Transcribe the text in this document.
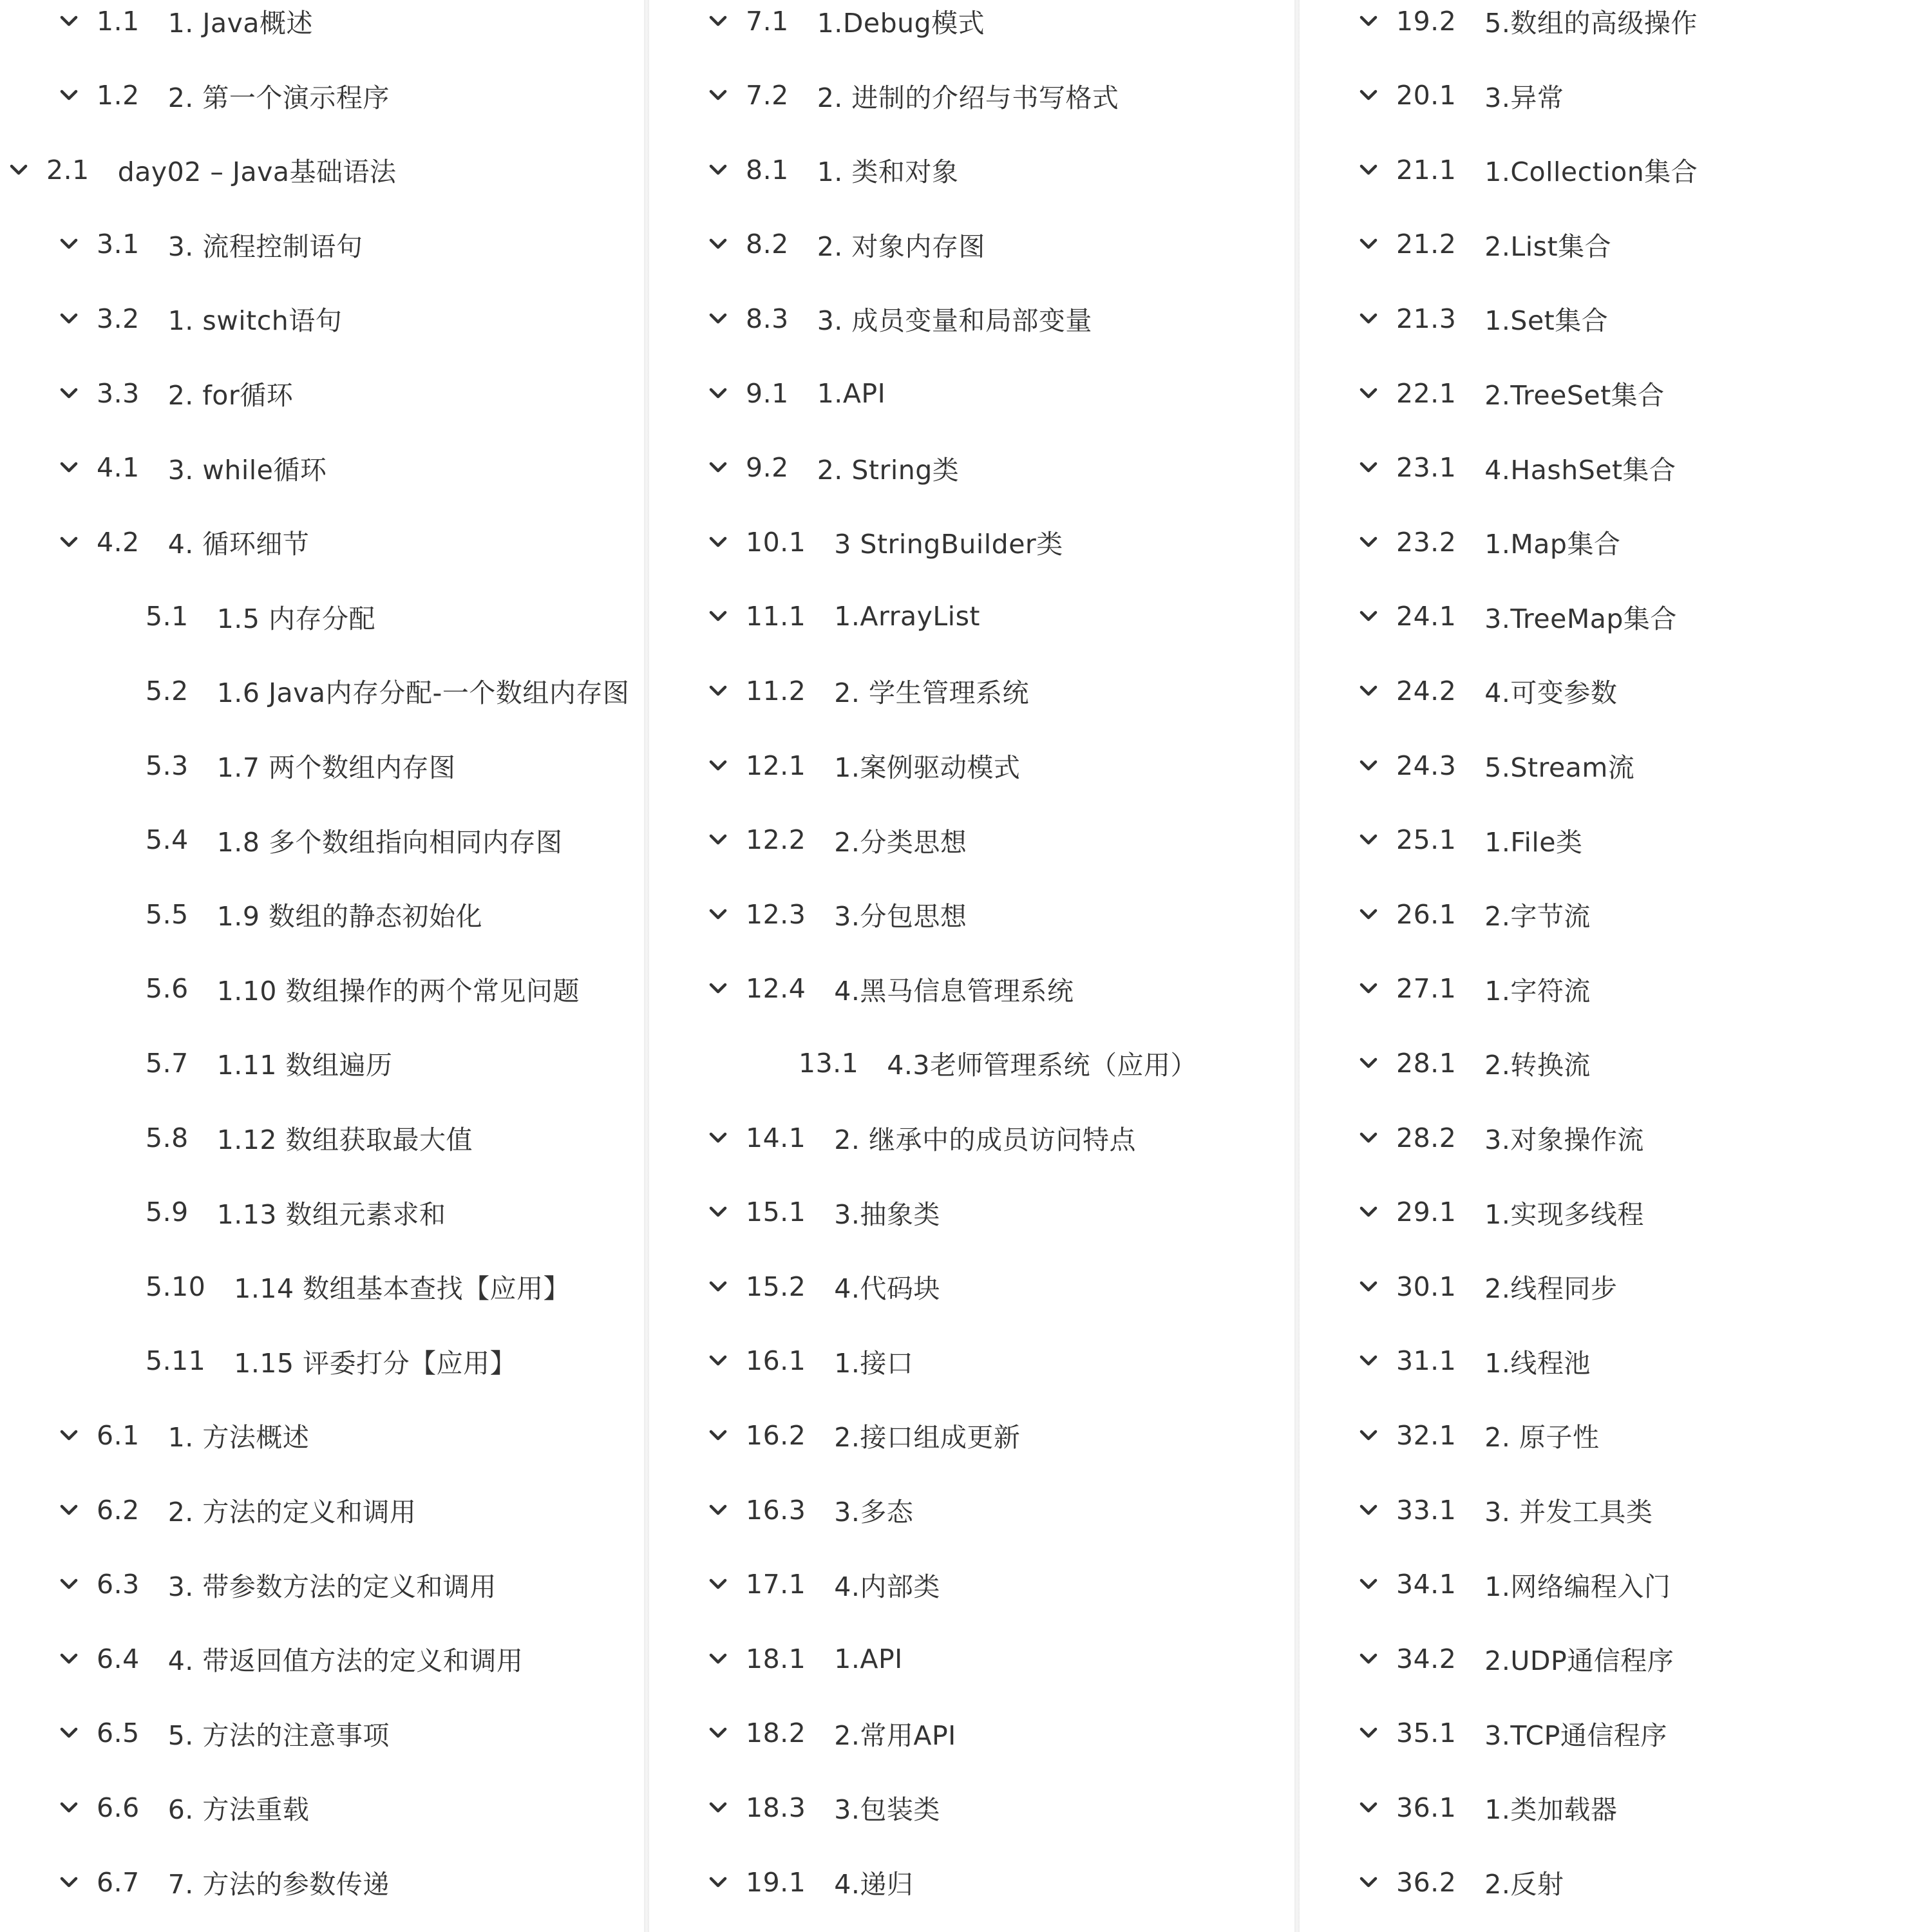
1.1 1. Java概述
1.2 2. 第一个演示程序
2.1 day02 – Java基础语法
3.1 3. 流程控制语句
3.2 1. switch语句
3.3 2. for循环
4.1 3. while循环
4.2 4. 循环细节
5.1 1.5 内存分配
5.2 1.6 Java内存分配-一个数组内存图
5.3 1.7 两个数组内存图
5.4 1.8 多个数组指向相同内存图
5.5 1.9 数组的静态初始化
5.6 1.10 数组操作的两个常见问题
5.7 1.11 数组遍历
5.8 1.12 数组获取最大值
5.9 1.13 数组元素求和
5.10 1.14 数组基本查找【应用】
5.11 1.15 评委打分【应用】
6.1 1. 方法概述
6.2 2. 方法的定义和调用
6.3 3. 带参数方法的定义和调用
6.4 4. 带返回值方法的定义和调用
6.5 5. 方法的注意事项
6.6 6. 方法重载
6.7 7. 方法的参数传递
7.1 1.Debug模式
7.2 2. 进制的介绍与书写格式
8.1 1. 类和对象
8.2 2. 对象内存图
8.3 3. 成员变量和局部变量
9.1 1.API
9.2 2. String类
10.1 3 StringBuilder类
11.1 1.ArrayList
11.2 2. 学生管理系统
12.1 1.案例驱动模式
12.2 2.分类思想
12.3 3.分包思想
12.4 4.黑马信息管理系统
13.1 4.3老师管理系统（应用）
14.1 2. 继承中的成员访问特点
15.1 3.抽象类
15.2 4.代码块
16.1 1.接口
16.2 2.接口组成更新
16.3 3.多态
17.1 4.内部类
18.1 1.API
18.2 2.常用API
18.3 3.包装类
19.1 4.递归
19.2 5.数组的高级操作
20.1 3.异常
21.1 1.Collection集合
21.2 2.List集合
21.3 1.Set集合
22.1 2.TreeSet集合
23.1 4.HashSet集合
23.2 1.Map集合
24.1 3.TreeMap集合
24.2 4.可变参数
24.3 5.Stream流
25.1 1.File类
26.1 2.字节流
27.1 1.字符流
28.1 2.转换流
28.2 3.对象操作流
29.1 1.实现多线程
30.1 2.线程同步
31.1 1.线程池
32.1 2. 原子性
33.1 3. 并发工具类
34.1 1.网络编程入门
34.2 2.UDP通信程序
35.1 3.TCP通信程序
36.1 1.类加载器
36.2 2.反射
